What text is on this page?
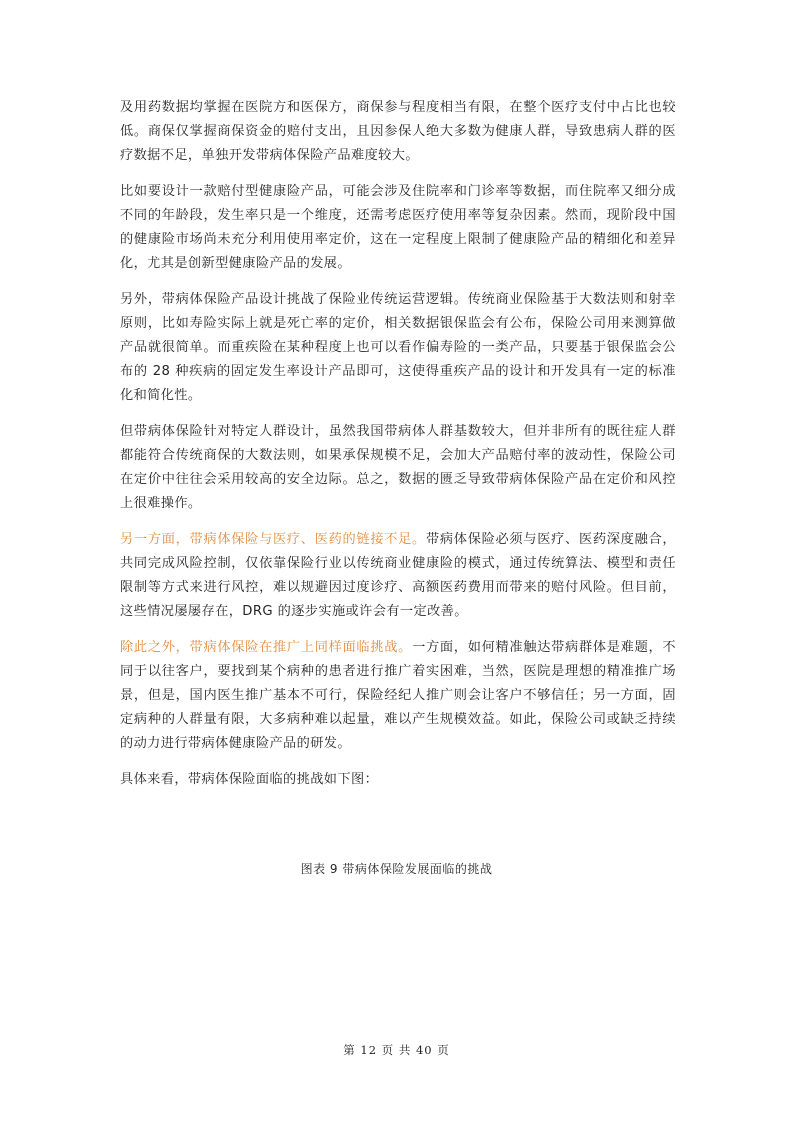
及用药数据均掌握在医院方和医保方，商保参与程度相当有限，在整个医疗支付中占比也较低。商保仅掌握商保资金的赔付支出，且因参保人绝大多数为健康人群，导致患病人群的医疗数据不足，单独开发带病体保险产品难度较大。

比如要设计一款赔付型健康险产品，可能会涉及住院率和门诊率等数据，而住院率又细分成不同的年龄段，发生率只是一个维度，还需考虑医疗使用率等复杂因素。然而，现阶段中国的健康险市场尚未充分利用使用率定价，这在一定程度上限制了健康险产品的精细化和差异化，尤其是创新型健康险产品的发展。

另外，带病体保险产品设计挑战了保险业传统运营逻辑。传统商业保险基于大数法则和射幸原则，比如寿险实际上就是死亡率的定价，相关数据银保监会有公布，保险公司用来测算做产品就很简单。而重疾险在某种程度上也可以看作偏寿险的一类产品，只要基于银保监会公布的 28 种疾病的固定发生率设计产品即可，这使得重疾产品的设计和开发具有一定的标准化和简化性。

但带病体保险针对特定人群设计，虽然我国带病体人群基数较大，但并非所有的既往症人群都能符合传统商保的大数法则，如果承保规模不足，会加大产品赔付率的波动性，保险公司在定价中往往会采用较高的安全边际。总之，数据的匮乏导致带病体保险产品在定价和风控上很难操作。

另一方面，带病体保险与医疗、医药的链接不足。带病体保险必须与医疗、医药深度融合，共同完成风险控制，仅依靠保险行业以传统商业健康险的模式，通过传统算法、模型和责任限制等方式来进行风控，难以规避因过度诊疗、高额医药费用而带来的赔付风险。但目前，这些情况屡屡存在，DRG 的逐步实施或许会有一定改善。

除此之外，带病体保险在推广上同样面临挑战。一方面，如何精准触达带病群体是难题，不同于以往客户，要找到某个病种的患者进行推广着实困难，当然，医院是理想的精准推广场景，但是，国内医生推广基本不可行，保险经纪人推广则会让客户不够信任；另一方面，固定病种的人群量有限，大多病种难以起量，难以产生规模效益。如此，保险公司或缺乏持续的动力进行带病体健康险产品的研发。

具体来看，带病体保险面临的挑战如下图：

图表 9 带病体保险发展面临的挑战
第 12 页 共 40 页
